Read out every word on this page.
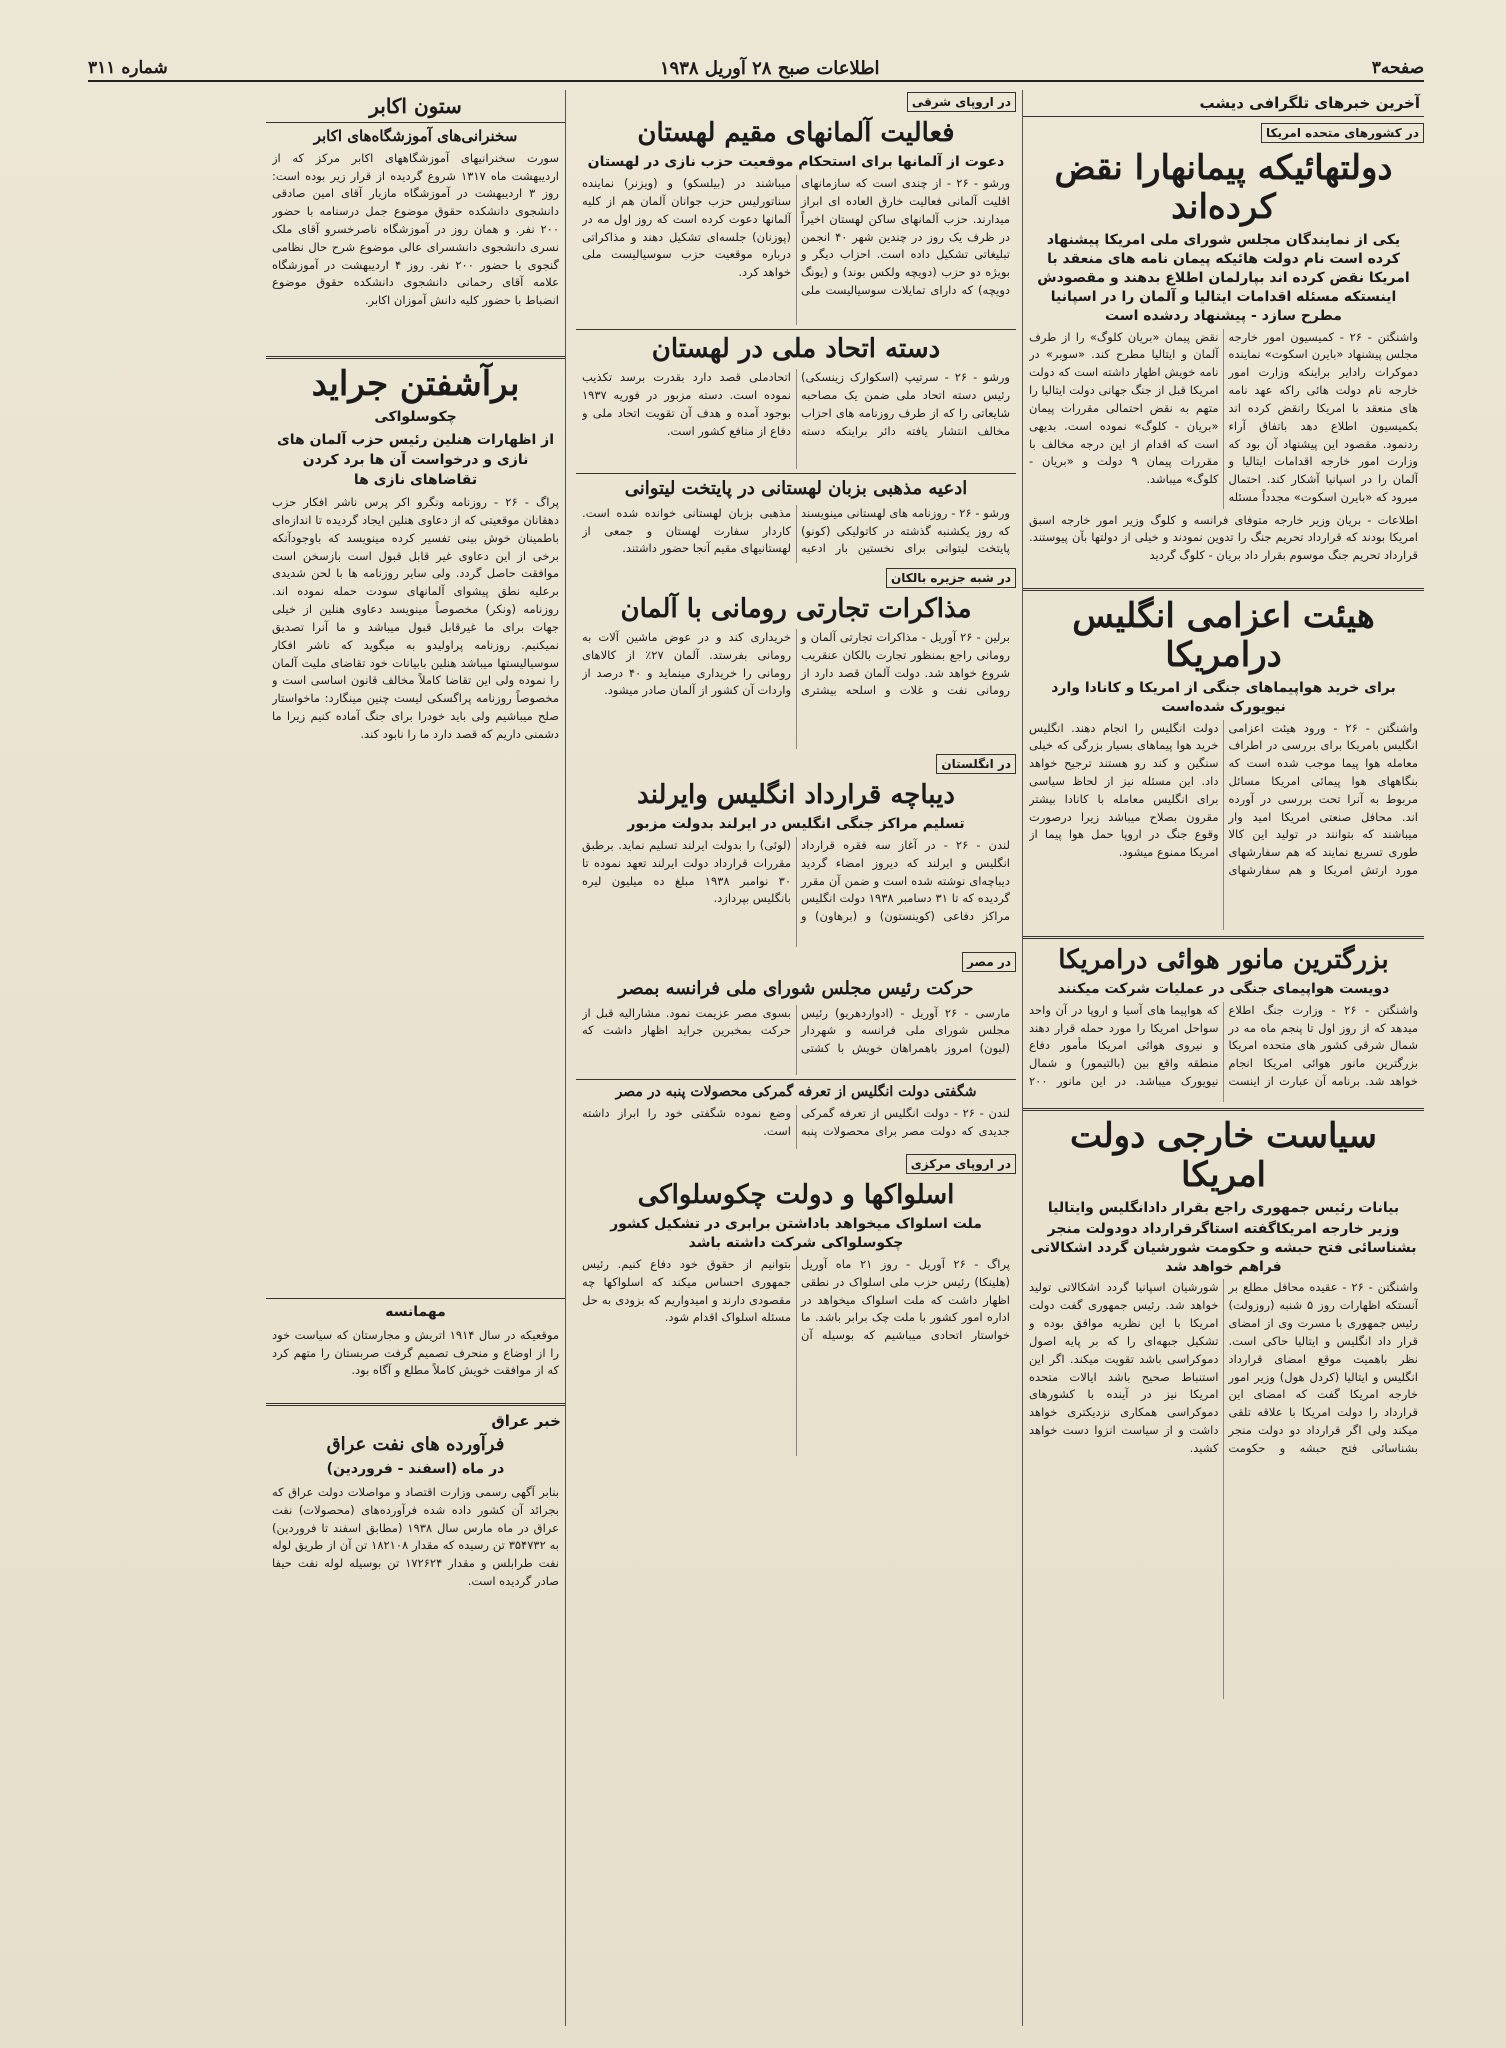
صفحه۳
اطلاعات صبح ۲۸ آوریل ۱۹۳۸
شماره ۳۱۱
آخرین خبرهای تلگرافی دیشب
در کشورهای متحده امریکا
دولتهائیکه پیمانهارا نقض کرده‌اند
یکی از نمایندگان مجلس شورای ملی امریکا پیشنهاد کرده است نام دولت هائیکه پیمان نامه های منعقد با امریکا نقض کرده اند بپارلمان اطلاع بدهند و مقصودش اینستکه مسئله اقدامات ایتالیا و آلمان را در اسپانیا مطرح سازد - پیشنهاد ردشده است
واشنگتن - ۲۶ - کمیسیون امور خارجه مجلس پیشنهاد «بایرن اسکوت» نماینده دموکرات رادایر براینکه وزارت امور خارجه نام دولت هائی راکه عهد نامه های منعقد با امریکا رانقض کرده اند بکمیسیون اطلاع دهد باتفاق آراء ردنمود. مقصود این پیشنهاد آن بود که وزارت امور خارجه اقدامات ایتالیا و آلمان را در اسپانیا آشکار کند. احتمال میرود که «بایرن اسکوت» مجدداً مسئله نقض پیمان «بریان کلوگ» را از طرف آلمان و ایتالیا مطرح کند. «سوبر» در نامه خویش اظهار داشته است که دولت امریکا قبل از جنگ جهانی دولت ایتالیا را متهم به نقض احتمالی مقررات پیمان «بریان - کلوگ» نموده است. بدیهی است که اقدام از این درجه مخالف با مقررات پیمان ۹ دولت و «بریان - کلوگ» میباشد.
اطلاعات - بریان وزیر خارجه متوفای فرانسه و کلوگ وزیر امور خارجه اسبق امریکا بودند که قرارداد تحریم جنگ را تدوین نمودند و خیلی از دولتها بآن پیوستند. قرارداد تحریم جنگ موسوم بقرار داد بریان - کلوگ گردید
هیئت اعزامی انگلیس درامریکا
برای خرید هواپیماهای جنگی از امریکا و کانادا وارد نیویورک شده‌است
واشنگتن - ۲۶ - ورود هیئت اعزامی انگلیس بامریکا برای بررسی در اطراف معامله هوا پیما موجب شده است که بنگاههای هوا پیمائی امریکا مسائل مربوط به آنرا تحت بررسی در آورده اند. محافل صنعتی امریکا امید وار میباشند که بتوانند در تولید این کالا طوری تسریع نمایند که هم سفارشهای مورد ارتش امریکا و هم سفارشهای دولت انگلیس را انجام دهند. انگلیس خرید هوا پیماهای بسیار بزرگی که خیلی سنگین و کند رو هستند ترجیح خواهد داد. این مسئله نیز از لحاظ سیاسی برای انگلیس معامله با کانادا بیشتر مقرون بصلاح میباشد زیرا درصورت وقوع جنگ در اروپا حمل هوا پیما از امریکا ممنوع میشود.
بزرگترین مانور هوائی درامریکا
دویست هواپیمای جنگی در عملیات شرکت میکنند
واشنگتن - ۲۶ - وزارت جنگ اطلاع میدهد که از روز اول تا پنجم ماه مه در شمال شرقی کشور های متحده امریکا بزرگترین مانور هوائی امریکا انجام خواهد شد. برنامه آن عبارت از اینست که هواپیما های آسیا و اروپا در آن واحد سواحل امریکا را مورد حمله قرار دهند و نیروی هوائی امریکا مأمور دفاع منطقه واقع بین (بالتیمور) و شمال نیویورک میباشد. در این مانور ۲۰۰
سیاست خارجی دولت امریکا
بیانات رئیس جمهوری راجع بقرار دادانگلیس وایتالیا
وزیر خارجه امریکاگفته استاگرقرارداد دودولت منجر بشناسائی فتح حبشه و حکومت شورشیان گردد اشکالاتی فراهم خواهد شد
واشنگتن - ۲۶ - عقیده محافل مطلع بر آنستکه اظهارات روز ۵ شنبه (روزولت) رئیس جمهوری با مسرت وی از امضای قرار داد انگلیس و ایتالیا حاکی است. نظر باهمیت موقع امضای قرارداد انگلیس و ایتالیا (کردل هول) وزیر امور خارجه امریکا گفت که امضای این قرارداد را دولت امریکا با علاقه تلقی میکند ولی اگر قرارداد دو دولت منجر بشناسائی فتح حبشه و حکومت شورشیان اسپانیا گردد اشکالاتی تولید خواهد شد. رئیس جمهوری گفت دولت امریکا با این نظریه موافق بوده و تشکیل جبهه‌ای را که بر پایه اصول دموکراسی باشد تقویت میکند. اگر این استنباط صحیح باشد ایالات متحده امریکا نیز در آینده با کشورهای دموکراسی همکاری نزدیکتری خواهد داشت و از سیاست انزوا دست خواهد کشید.
در اروپای شرقی
فعالیت آلمانهای مقیم لهستان
دعوت از آلمانها برای استحکام موقعیت حزب نازی در لهستان
ورشو - ۲۶ - از چندی است که سازمانهای اقلیت آلمانی فعالیت خارق العاده ای ابراز میدارند. حزب آلمانهای ساکن لهستان اخیراً در ظرف یک روز در چندین شهر ۴۰ انجمن تبلیغاتی تشکیل داده است. احزاب دیگر و بویژه دو حزب (دویچه ولکس بوند) و (یونگ دویچه) که دارای تمایلات سوسیالیست ملی میباشند در (بیلسکو) و (ویزنر) نماینده سناتورلیس حزب جوانان آلمان هم از کلیه آلمانها دعوت کرده است که روز اول مه در (پوزنان) جلسه‌ای تشکیل دهند و مذاکراتی درباره موقعیت حزب سوسیالیست ملی خواهد کرد.
دسته اتحاد ملی در لهستان
ورشو - ۲۶ - سرتیپ (اسکوارک زینسکی) رئیس دسته اتحاد ملی ضمن یک مصاحبه شایعاتی را که از طرف روزنامه های احزاب مخالف انتشار یافته دائر براینکه دسته اتحادملی قصد دارد بقدرت برسد تکذیب نموده است. دسته مزبور در فوریه ۱۹۳۷ بوجود آمده و هدف آن تقویت اتحاد ملی و دفاع از منافع کشور است.
ادعیه مذهبی بزبان لهستانی در پایتخت لیتوانی
ورشو - ۲۶ - روزنامه های لهستانی مینویسند که روز یکشنبه گذشته در کاتولیکی (کونو) پایتخت لیتوانی برای نخستین بار ادعیه مذهبی بزبان لهستانی خوانده شده است. کاردار سفارت لهستان و جمعی از لهستانیهای مقیم آنجا حضور داشتند.
در شبه جزیره بالکان
مذاکرات تجارتی رومانی با آلمان
برلین - ۲۶ آوریل - مذاکرات تجارتی آلمان و رومانی راجع بمنظور تجارت بالکان عنقریب شروع خواهد شد. دولت آلمان قصد دارد از رومانی نفت و غلات و اسلحه بیشتری خریداری کند و در عوض ماشین آلات به رومانی بفرستد. آلمان ۲۷٪ از کالاهای رومانی را خریداری مینماید و ۴۰ درصد از واردات آن کشور از آلمان صادر میشود.
در انگلستان
دیباچه قرارداد انگلیس وایرلند
تسلیم مراکز جنگی انگلیس در ایرلند بدولت مزبور
لندن - ۲۶ - در آغاز سه فقره قرارداد انگلیس و ایرلند که دیروز امضاء گردید دیباچه‌ای نوشته شده است و ضمن آن مقرر گردیده که تا ۳۱ دسامبر ۱۹۳۸ دولت انگلیس مراکز دفاعی (کوینستون) و (برهاون) و (لوئی) را بدولت ایرلند تسلیم نماید. برطبق مقررات قرارداد دولت ایرلند تعهد نموده تا ۳۰ نوامبر ۱۹۳۸ مبلغ ده میلیون لیره بانگلیس بپردازد.
در مصر
حرکت رئیس مجلس شورای ملی فرانسه بمصر
مارسی - ۲۶ آوریل - (ادواردهریو) رئیس مجلس شورای ملی فرانسه و شهردار (لیون) امروز باهمراهان خویش با کشتی بسوی مصر عزیمت نمود. مشارالیه قبل از حرکت بمخبرین جراید اظهار داشت که
شگفتی دولت انگلیس از تعرفه گمرکی محصولات پنبه در مصر
لندن - ۲۶ - دولت انگلیس از تعرفه گمرکی جدیدی که دولت مصر برای محصولات پنبه وضع نموده شگفتی خود را ابراز داشته است.
در اروپای مرکزی
اسلواکها و دولت چکوسلواکی
ملت اسلواک میخواهد باداشتن برابری در تشکیل کشور چکوسلواکی شرکت داشته باشد
پراگ - ۲۶ آوریل - روز ۲۱ ماه آوریل (هلینکا) رئیس حزب ملی اسلواک در نطقی اظهار داشت که ملت اسلواک میخواهد در اداره امور کشور با ملت چک برابر باشد. ما خواستار اتحادی میباشیم که بوسیله آن بتوانیم از حقوق خود دفاع کنیم. رئیس جمهوری احساس میکند که اسلواکها چه مقصودی دارند و امیدواریم که بزودی به حل مسئله اسلواک اقدام شود.
ستون اکابر
سخنرانی‌های آموزشگاه‌های اکابر
سورت سخنرانیهای آموزشگاههای اکابر مرکز که از اردیبهشت ماه ۱۳۱۷ شروع گردیده از قرار زیر بوده است: روز ۳ اردیبهشت در آموزشگاه مازیار آقای امین صادقی دانشجوی دانشکده حقوق موضوع جمل درسنامه با حضور ۲۰۰ نفر. و همان روز در آموزشگاه ناصرخسرو آقای ملک نسری دانشجوی دانشسرای عالی موضوع شرح حال نظامی گنجوی با حضور ۲۰۰ نفر. روز ۴ اردیبهشت در آموزشگاه علامه آقای رحمانی دانشجوی دانشکده حقوق موضوع انضباط با حضور کلیه دانش آموزان اکابر.
برآشفتن جراید
چکوسلواکی
از اظهارات هنلین رئیس حزب آلمان های نازی و درخواست آن ها برد کردن تقاضاهای نازی ها
پراگ - ۲۶ - روزنامه ونگرو اکر پرس ناشر افکار حزب دهقانان موقعیتی که از دعاوی هنلین ایجاد گردیده تا اندازه‌ای باطمینان خوش بینی تفسیر کرده مینویسد که باوجودآنکه برخی از این دعاوی غیر قابل قبول است بازسخن است موافقت حاصل گردد. ولی سایر روزنامه ها با لحن شدیدی برعلیه نطق پیشوای آلمانهای سودت حمله نموده اند. روزنامه (ونکر) مخصوصاً مینویسد دعاوی هنلین از خیلی جهات برای ما غیرقابل قبول میباشد و ما آنرا تصدیق نمیکنیم. روزنامه پراولیدو به میگوید که ناشر افکار سوسیالیستها میباشد هنلین بابیانات خود تقاضای ملیت آلمان را نموده ولی این تقاضا کاملاً مخالف قانون اساسی است و مخصوصاً روزنامه پراگسکی لیست چنین مینگارد: ماخواستار صلح میباشیم ولی باید خودرا برای جنگ آماده کنیم زیرا ما دشمنی داریم که قصد دارد ما را نابود کند.
مهمانسه
موقعیکه در سال ۱۹۱۴ اتریش و مجارستان که سیاست خود را از اوضاع و منحرف تصمیم گرفت صربستان را متهم کرد که از موافقت خویش کاملاً مطلع و آگاه بود.
خبر عراق
فرآورده های نفت عراق
در ماه (اسفند - فروردین)
بنابر آگهی رسمی وزارت اقتصاد و مواصلات دولت عراق که بجرائد آن کشور داده شده فرآورده‌های (محصولات) نفت عراق در ماه مارس سال ۱۹۳۸ (مطابق اسفند تا فروردین) به ۳۵۴۷۳۲ تن رسیده که مقدار ۱۸۲۱۰۸ تن آن از طریق لوله نفت طرابلس و مقدار ۱۷۲۶۲۴ تن بوسیله لوله نفت حیفا صادر گردیده است.
